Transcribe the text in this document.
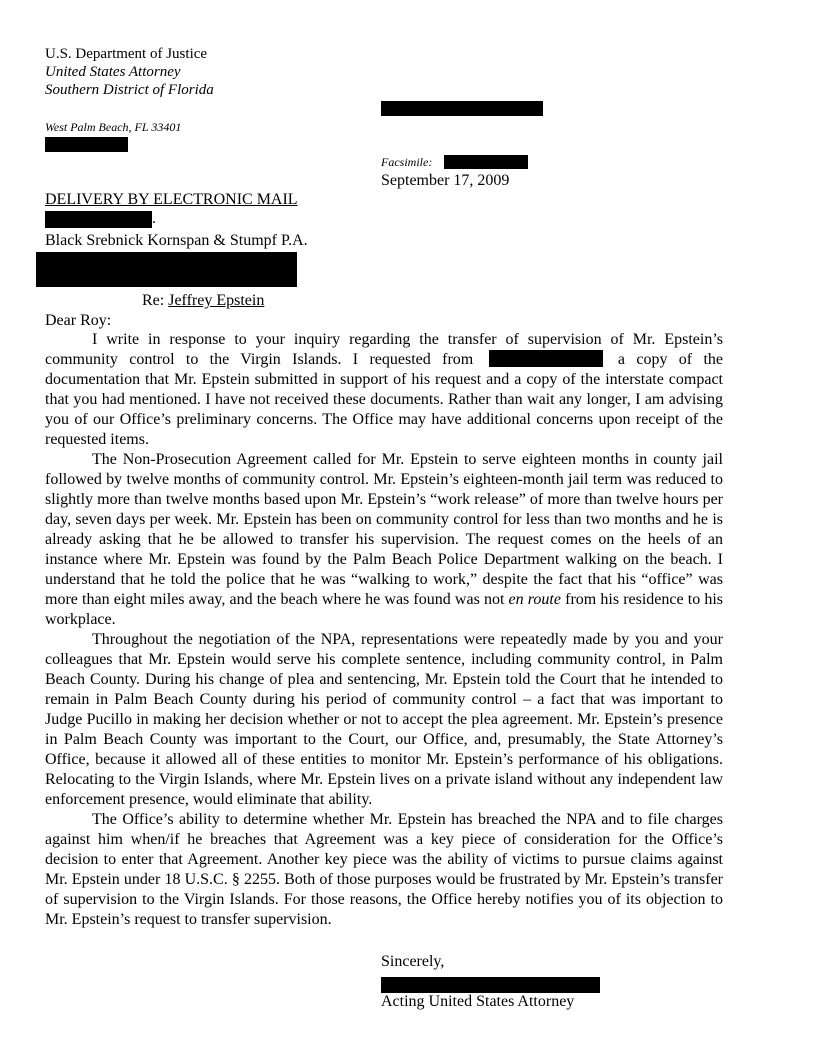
U.S. Department of Justice
United States Attorney
Southern District of Florida
West Palm Beach, FL 33401
Facsimile:
September 17, 2009
DELIVERY BY ELECTRONIC MAIL
.
Black Srebnick Kornspan & Stumpf P.A.
Re: Jeffrey Epstein
Dear Roy:

I write in response to your inquiry regarding the transfer of supervision of Mr. Epstein’s
community control to the Virgin Islands. I requested from	a copy of the
documentation that Mr. Epstein submitted in support of his request and a copy of the interstate compact that you had mentioned. I have not received these documents. Rather than wait any longer, I am advising you of our Office’s preliminary concerns. The Office may have additional concerns upon receipt of the requested items.

The Non-Prosecution Agreement called for Mr. Epstein to serve eighteen months in county jail followed by twelve months of community control. Mr. Epstein’s eighteen-month jail term was reduced to slightly more than twelve months based upon Mr. Epstein’s “work release” of more than twelve hours per day, seven days per week. Mr. Epstein has been on community control for less than two months and he is already asking that he be allowed to transfer his supervision. The request comes on the heels of an instance where Mr. Epstein was found by the Palm Beach Police Department walking on the beach. I understand that he told the police that he was “walking to work,” despite the fact that his “office” was more than eight miles away, and the beach where he was found was not en route from his residence to his workplace.

Throughout the negotiation of the NPA, representations were repeatedly made by you and your colleagues that Mr. Epstein would serve his complete sentence, including community control, in Palm Beach County. During his change of plea and sentencing, Mr. Epstein told the Court that he intended to remain in Palm Beach County during his period of community control – a fact that was important to Judge Pucillo in making her decision whether or not to accept the plea agreement. Mr. Epstein’s presence in Palm Beach County was important to the Court, our Office, and, presumably, the State Attorney’s Office, because it allowed all of these entities to monitor Mr. Epstein’s performance of his obligations. Relocating to the Virgin Islands, where Mr. Epstein lives on a private island without any independent law enforcement presence, would eliminate that ability.

The Office’s ability to determine whether Mr. Epstein has breached the NPA and to file charges against him when/if he breaches that Agreement was a key piece of consideration for the Office’s decision to enter that Agreement. Another key piece was the ability of victims to pursue claims against Mr. Epstein under 18 U.S.C. § 2255. Both of those purposes would be frustrated by Mr. Epstein’s transfer of supervision to the Virgin Islands. For those reasons, the Office hereby notifies you of its objection to Mr. Epstein’s request to transfer supervision.

Sincerely,
Acting United States Attorney
